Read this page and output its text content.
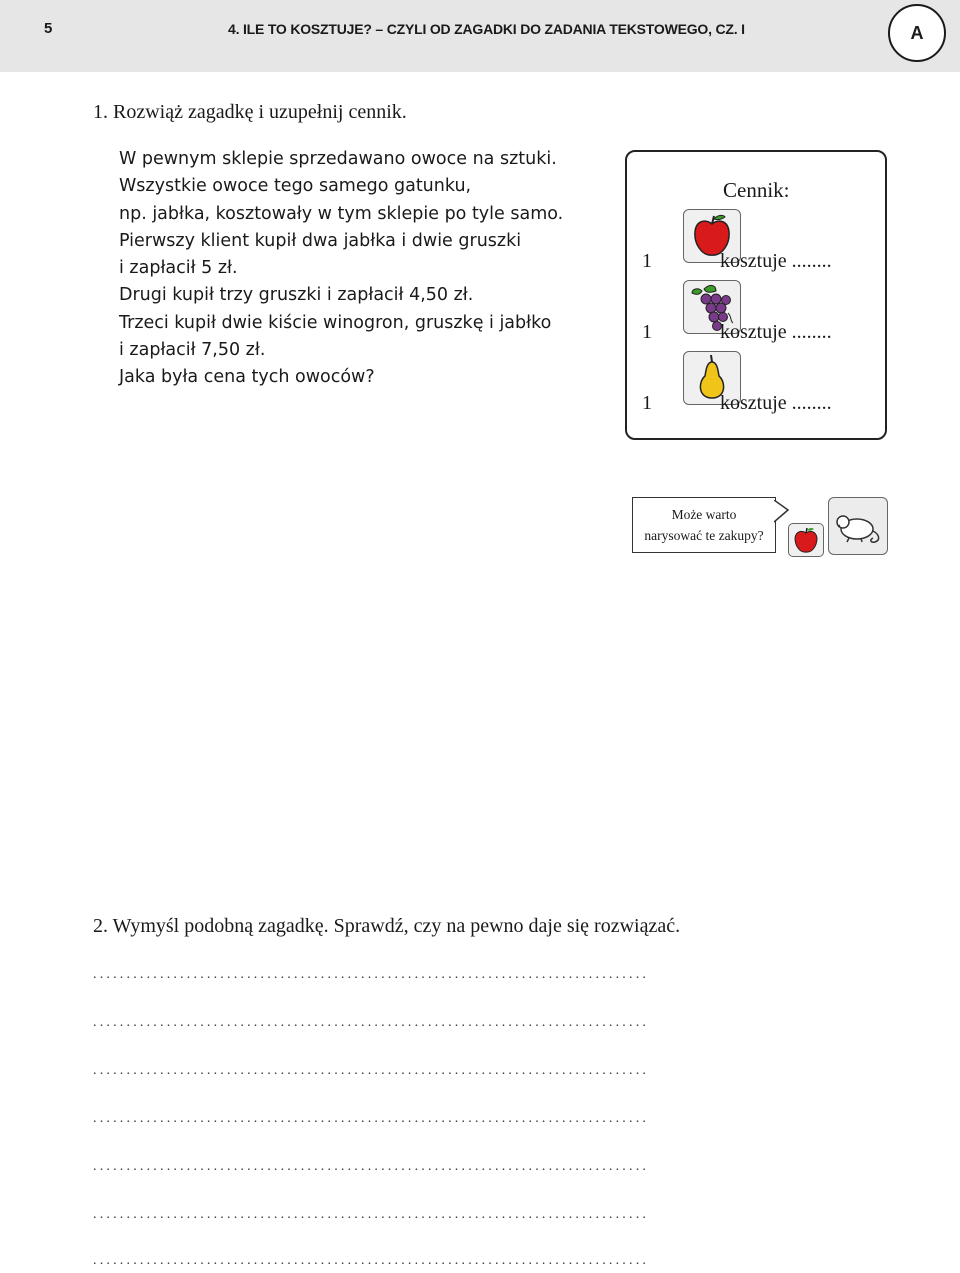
5	4. ILE TO KOSZTUJE? – CZYLI OD ZAGADKI DO ZADANIA TEKSTOWEGO, CZ. I	A
1. Rozwiąż zagadkę i uzupełnij cennik.
W pewnym sklepie sprzedawano owoce na sztuki.
Wszystkie owoce tego samego gatunku,
np. jabłka, kosztowały w tym sklepie po tyle samo.
Pierwszy klient kupił dwa jabłka i dwie gruszki
i zapłacił 5 zł.
Drugi kupił trzy gruszki i zapłacił 4,50 zł.
Trzeci kupił dwie kiście winogron, gruszkę i jabłko
i zapłacił 7,50 zł.
Jaka była cena tych owoców?
Cennik:
1	kosztuje ........
1	kosztuje ........
1	kosztuje ........
Może warto
narysować te zakupy?
2. Wymyśl podobną zagadkę. Sprawdź, czy na pewno daje się rozwiązać.
...................................................................................
...................................................................................
...................................................................................
...................................................................................
...................................................................................
...................................................................................
...................................................................................
